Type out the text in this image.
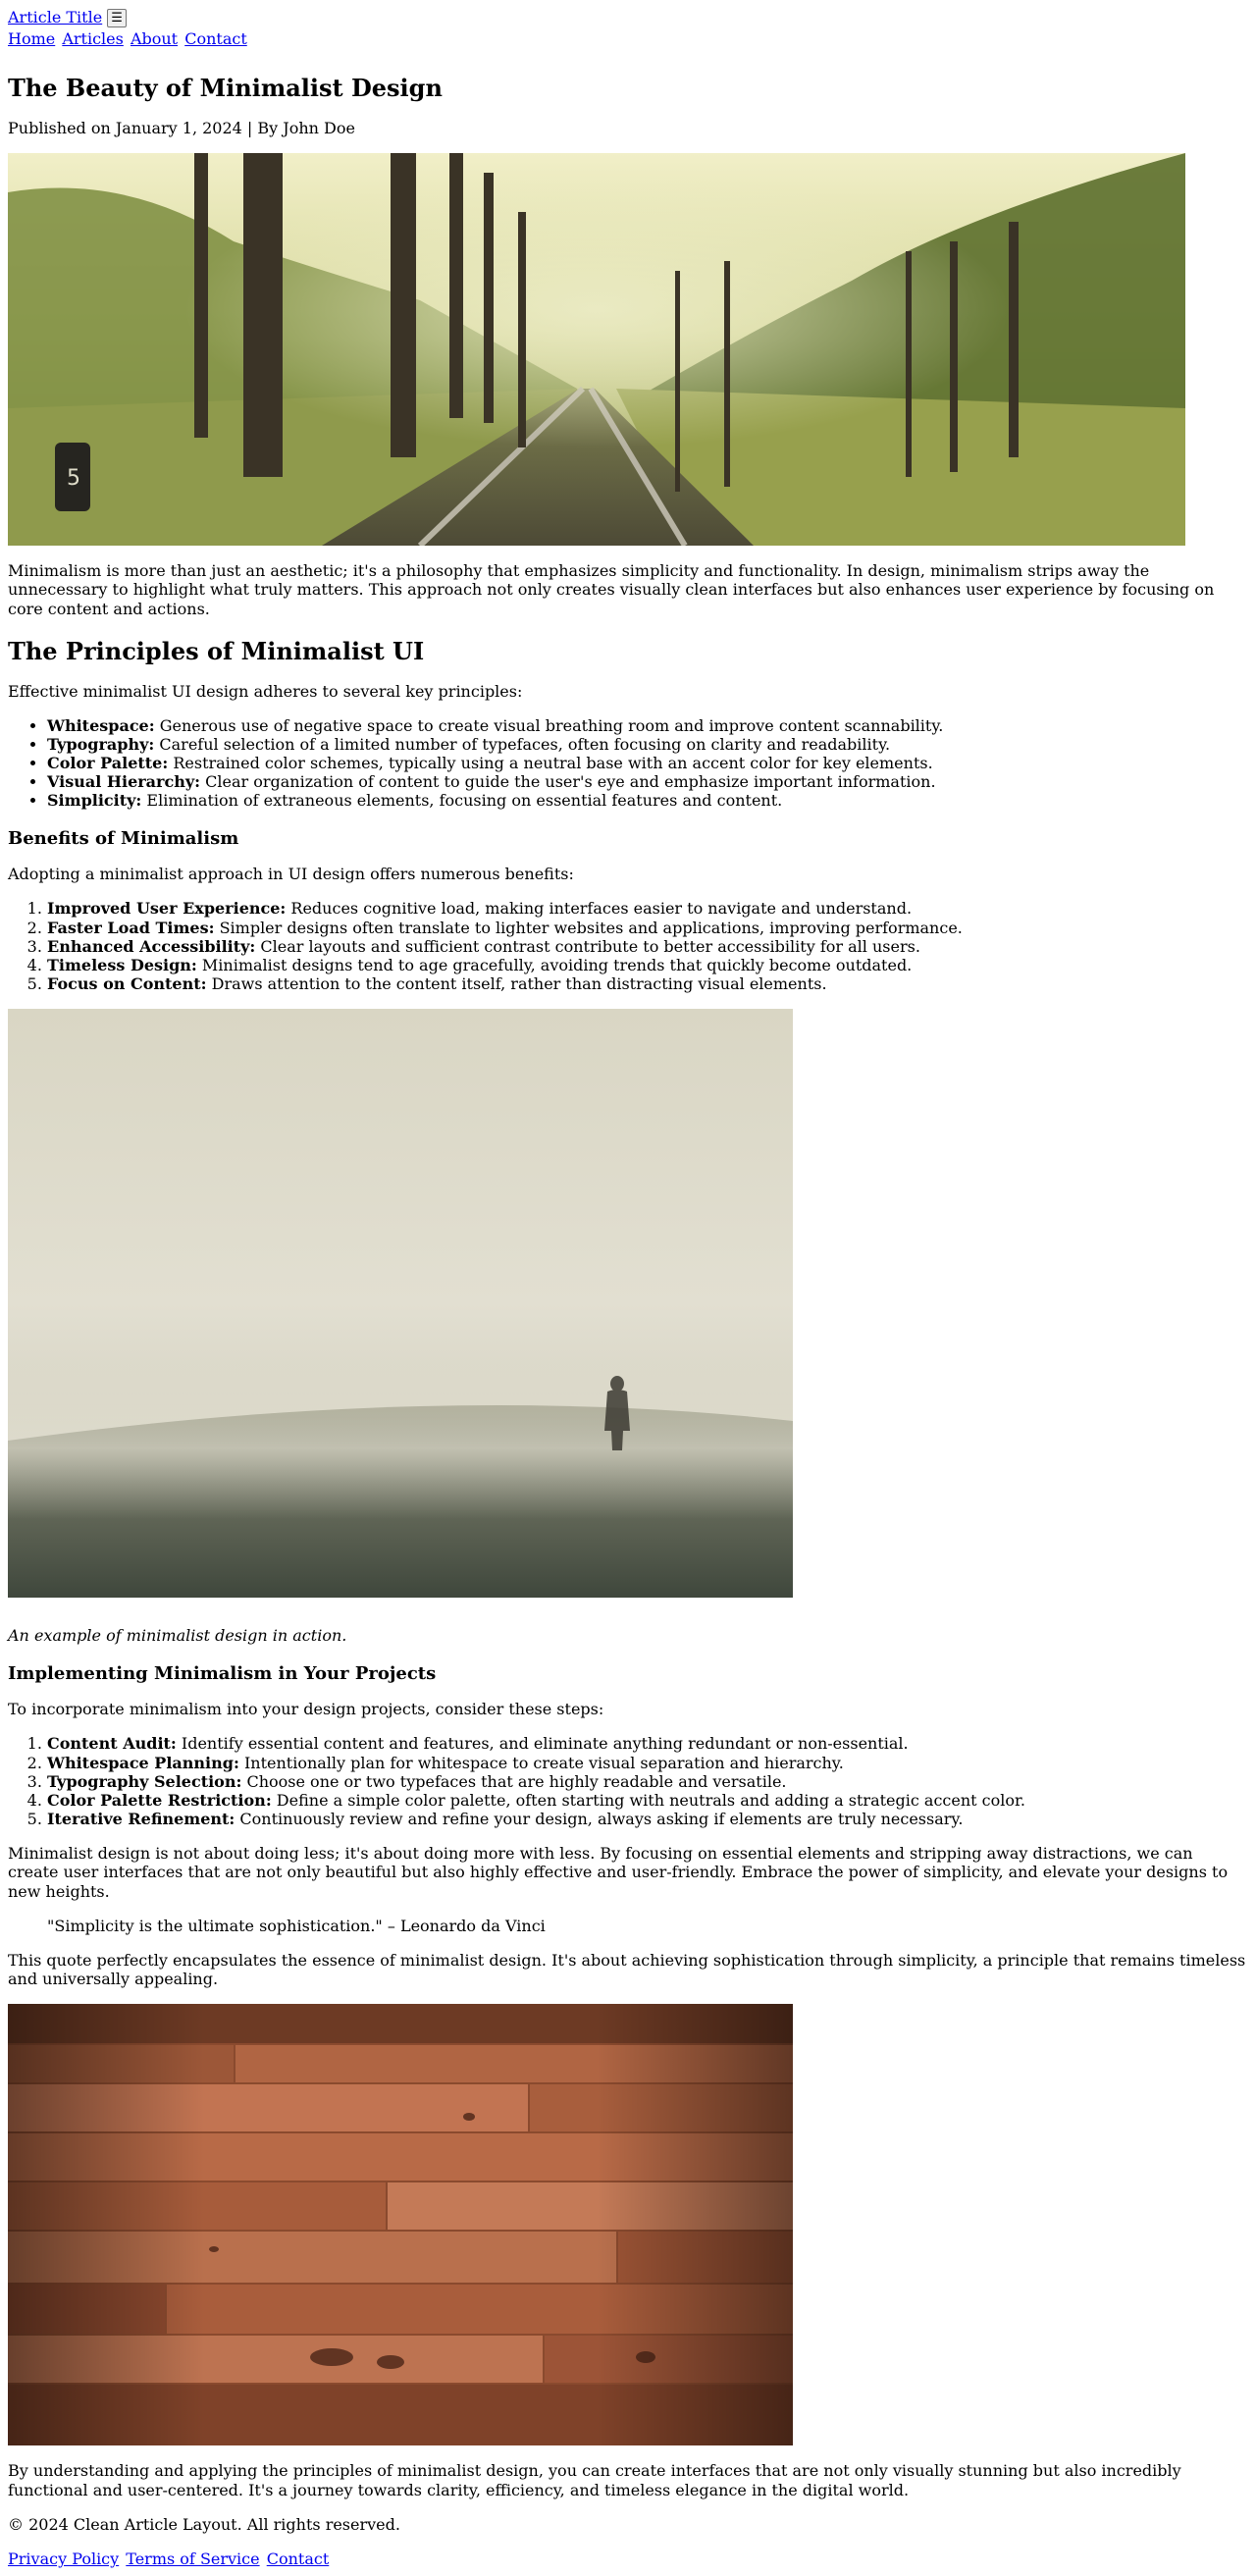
Article Title ☰
Home Articles About Contact
The Beauty of Minimalist Design

Published on January 1, 2024 | By John Doe

5

Minimalism is more than just an aesthetic; it's a philosophy that emphasizes simplicity and functionality. In design, minimalism strips away the unnecessary to highlight what truly matters. This approach not only creates visually clean interfaces but also enhances user experience by focusing on core content and actions.

The Principles of Minimalist UI

Effective minimalist UI design adheres to several key principles:

• Whitespace: Generous use of negative space to create visual breathing room and improve content scannability.
• Typography: Careful selection of a limited number of typefaces, often focusing on clarity and readability.
• Color Palette: Restrained color schemes, typically using a neutral base with an accent color for key elements.
• Visual Hierarchy: Clear organization of content to guide the user's eye and emphasize important information.
• Simplicity: Elimination of extraneous elements, focusing on essential features and content.
Benefits of Minimalism

Adopting a minimalist approach in UI design offers numerous benefits:

1. Improved User Experience: Reduces cognitive load, making interfaces easier to navigate and understand.
2. Faster Load Times: Simpler designs often translate to lighter websites and applications, improving performance.
3. Enhanced Accessibility: Clear layouts and sufficient contrast contribute to better accessibility for all users.
4. Timeless Design: Minimalist designs tend to age gracefully, avoiding trends that quickly become outdated.
5. Focus on Content: Draws attention to the content itself, rather than distracting visual elements.
An example of minimalist design in action.
Implementing Minimalism in Your Projects

To incorporate minimalism into your design projects, consider these steps:

1. Content Audit: Identify essential content and features, and eliminate anything redundant or non-essential.
2. Whitespace Planning: Intentionally plan for whitespace to create visual separation and hierarchy.
3. Typography Selection: Choose one or two typefaces that are highly readable and versatile.
4. Color Palette Restriction: Define a simple color palette, often starting with neutrals and adding a strategic accent color.
5. Iterative Refinement: Continuously review and refine your design, always asking if elements are truly necessary.

Minimalist design is not about doing less; it's about doing more with less. By focusing on essential elements and stripping away distractions, we can create user interfaces that are not only beautiful but also highly effective and user-friendly. Embrace the power of simplicity, and elevate your designs to new heights.

"Simplicity is the ultimate sophistication." – Leonardo da Vinci

This quote perfectly encapsulates the essence of minimalist design. It's about achieving sophistication through simplicity, a principle that remains timeless and universally appealing.

By understanding and applying the principles of minimalist design, you can create interfaces that are not only visually stunning but also incredibly functional and user-centered. It's a journey towards clarity, efficiency, and timeless elegance in the digital world.

© 2024 Clean Article Layout. All rights reserved.

Privacy Policy Terms of Service Contact
